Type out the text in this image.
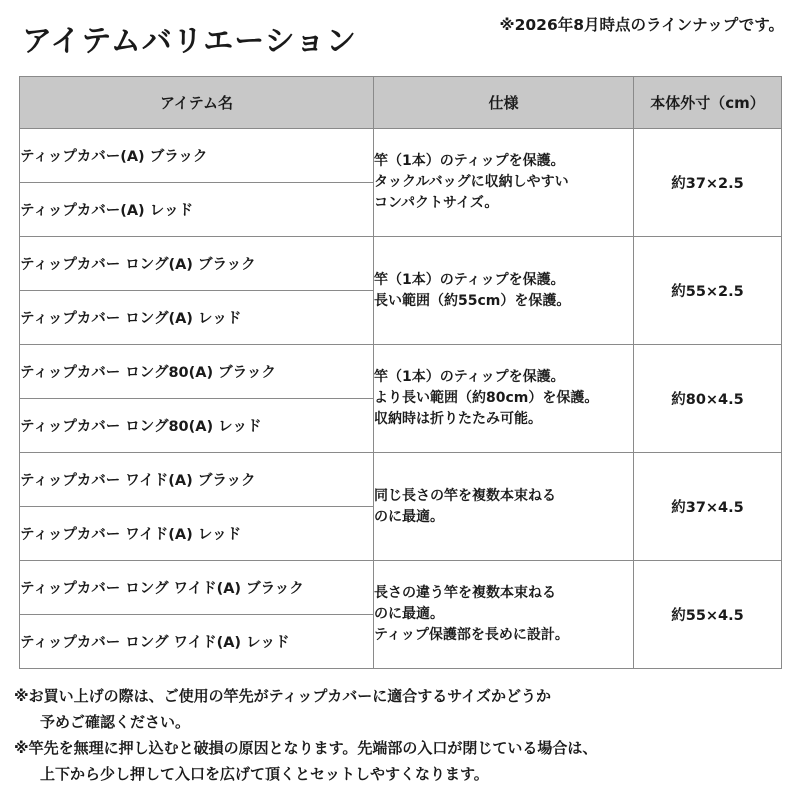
アイテムバリエーション	※2026年8月時点のラインナップです。
アイテム名	仕様	本体外寸（cm）
ティップカバー(A) ブラック	竿（1本）のティップを保護。
タックルバッグに収納しやすい
コンパクトサイズ。	約37×2.5
ティップカバー(A) レッド		
ティップカバー ロング(A) ブラック	竿（1本）のティップを保護。
長い範囲（約55cm）を保護。	約55×2.5
ティップカバー ロング(A) レッド		
ティップカバー ロング80(A) ブラック	竿（1本）のティップを保護。
より長い範囲（約80cm）を保護。
収納時は折りたたみ可能。	約80×4.5
ティップカバー ロング80(A) レッド		
ティップカバー ワイド(A) ブラック	同じ長さの竿を複数本束ねる
のに最適。	約37×4.5
ティップカバー ワイド(A) レッド		
ティップカバー ロング ワイド(A) ブラック	長さの違う竿を複数本束ねる
のに最適。
ティップ保護部を長めに設計。	約55×4.5
ティップカバー ロング ワイド(A) レッド		
※お買い上げの際は、ご使用の竿先がティップカバーに適合するサイズかどうか
予めご確認ください。
※竿先を無理に押し込むと破損の原因となります。先端部の入口が閉じている場合は、
上下から少し押して入口を広げて頂くとセットしやすくなります。
